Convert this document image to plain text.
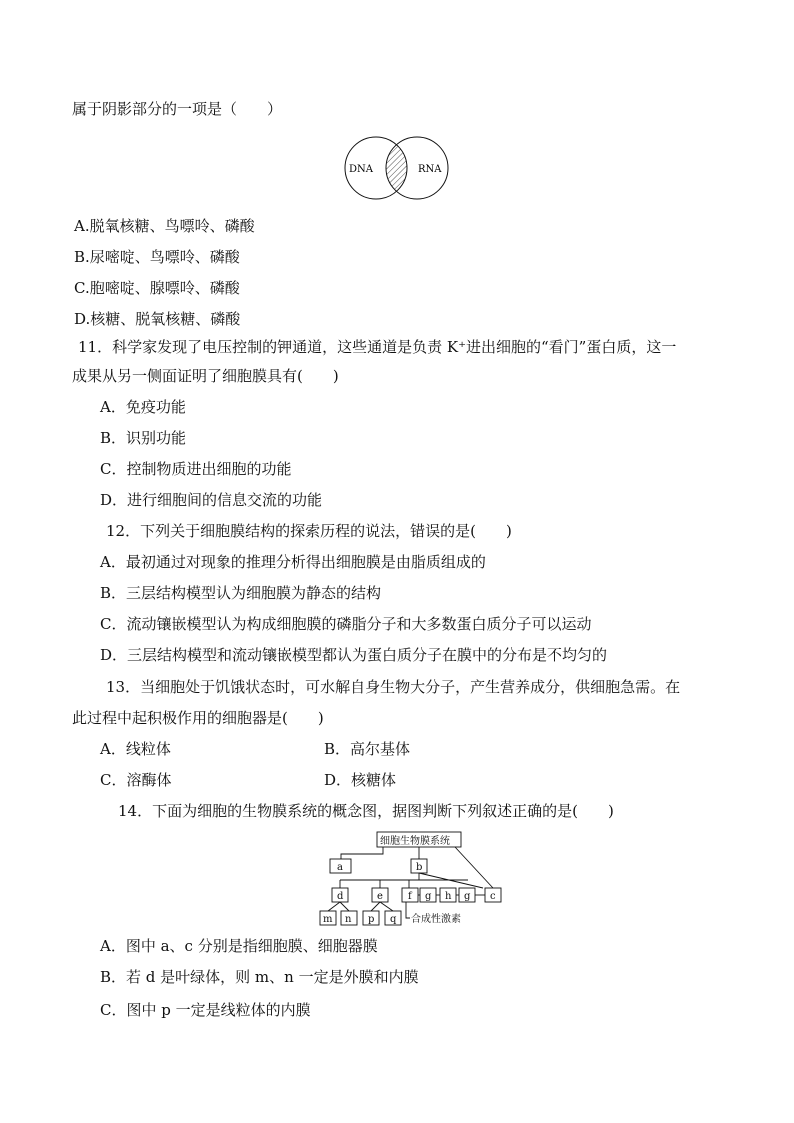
属于阴影部分的一项是（　　）
DNA	RNA
A.脱氧核糖、鸟嘌呤、磷酸
B.尿嘧啶、鸟嘌呤、磷酸
C.胞嘧啶、腺嘌呤、磷酸
D.核糖、脱氧核糖、磷酸
11．科学家发现了电压控制的钾通道，这些通道是负责 K⁺进出细胞的“看门”蛋白质，这一
成果从另一侧面证明了细胞膜具有(　　)
A．免疫功能
B．识别功能
C．控制物质进出细胞的功能
D．进行细胞间的信息交流的功能
12．下列关于细胞膜结构的探索历程的说法，错误的是(　　)
A．最初通过对现象的推理分析得出细胞膜是由脂质组成的
B．三层结构模型认为细胞膜为静态的结构
C．流动镶嵌模型认为构成细胞膜的磷脂分子和大多数蛋白质分子可以运动
D．三层结构模型和流动镶嵌模型都认为蛋白质分子在膜中的分布是不均匀的
13．当细胞处于饥饿状态时，可水解自身生物大分子，产生营养成分，供细胞急需。在
此过程中起积极作用的细胞器是(　　)
A．线粒体	B．高尔基体
C．溶酶体	D．核糖体
14．下面为细胞的生物膜系统的概念图，据图判断下列叙述正确的是(　　)
细胞生物膜系统
a	b
d	e	f g h g c
m n p q 合成性激素
A．图中 a、c 分别是指细胞膜、细胞器膜
B．若 d 是叶绿体，则 m、n 一定是外膜和内膜
C．图中 p 一定是线粒体的内膜
